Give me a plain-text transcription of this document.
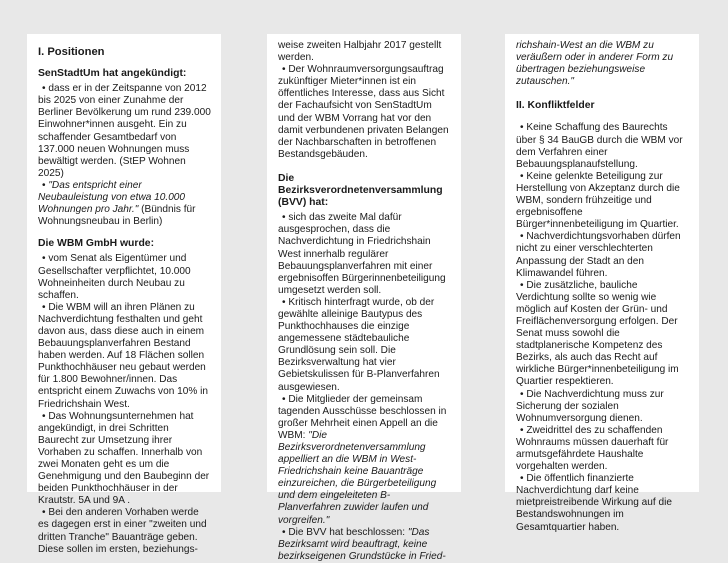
I. Positionen

SenStadtUm hat angekündigt:

• dass er in der Zeitspanne von 2012 bis 2025 von einer Zunahme der Berliner Bevölkerung um rund 239.000 Einwohner*innen ausgeht. Ein zu schaffender Gesamtbedarf von 137.000 neuen Wohnungen muss bewältigt werden. (StEP Wohnen 2025)

• "Das entspricht einer Neubauleistung von etwa 10.000 Wohnungen pro Jahr." (Bündnis für Wohnungsneubau in Berlin)

Die WBM GmbH wurde:

• vom Senat als Eigentümer und Gesellschafter verpflichtet, 10.000 Wohneinheiten durch Neubau zu schaffen.

• Die WBM will an ihren Plänen zu Nachverdichtung festhalten und geht davon aus, dass diese auch in einem Bebauungsplanverfahren Bestand haben werden. Auf 18 Flächen sollen Punkthochhäuser neu gebaut werden für 1.800 Bewohner/innen. Das entspricht einem Zuwachs von 10% in Friedrichshain West.

• Das Wohnungsunternehmen hat angekündigt, in drei Schritten Baurecht zur Umsetzung ihrer Vorhaben zu schaffen. Innerhalb von zwei Monaten geht es um die Genehmigung und den Baubeginn der beiden Punkthochhäuser in der Krautstr. 5A und 9A .

• Bei den anderen Vorhaben werde es dagegen erst in einer "zweiten und dritten Tranche" Bauanträge geben. Diese sollen im ersten, beziehungs-

weise zweiten Halbjahr 2017 gestellt werden.

• Der Wohnraumversorgungsauftrag zukünftiger Mieter*innen ist ein öffentliches Interesse, dass aus Sicht der Fachaufsicht von SenStadtUm und der WBM Vorrang hat vor den damit verbundenen privaten Belangen der Nachbarschaften in betroffenen Bestandsgebäuden.

Die Bezirksverordnetenversammlung (BVV) hat:

• sich das zweite Mal dafür ausgesprochen, dass die Nachverdichtung in Friedrichshain West innerhalb regulärer Bebauungsplanverfahren mit einer ergebnisoffen Bürgerinnenbeteiligung umgesetzt werden soll.

• Kritisch hinterfragt wurde, ob der gewählte alleinige Bautypus des Punkthochhauses die einzige angemessene städtebauliche Grundlösung sein soll. Die Bezirksverwaltung hat vier Gebietskulissen für B-Planverfahren ausgewiesen.

• Die Mitglieder der gemeinsam tagenden Ausschüsse beschlossen in großer Mehrheit einen Appell an die WBM: "Die Bezirksverordnetenversammlung appelliert an die WBM in West-Friedrichshain keine Bauanträge einzureichen, die Bürgerbeteiligung und dem eingeleiteten B-Planverfahren zuwider laufen und vorgreifen."

• Die BVV hat beschlossen: "Das Bezirksamt wird beauftragt, keine bezirkseigenen Grundstücke in Fried-

richshain-West an die WBM zu veräußern oder in anderer Form zu übertragen beziehungsweise zutauschen."

II. Konfliktfelder

• Keine Schaffung des Baurechts über § 34 BauGB durch die WBM vor dem Verfahren einer Bebauungsplanaufstellung.

• Keine gelenkte Beteiligung zur Herstellung von Akzeptanz durch die WBM, sondern frühzeitige und ergebnisoffene Bürger*innenbeteiligung im Quartier.

• Nachverdichtungsvorhaben dürfen nicht zu einer verschlechterten Anpassung der Stadt an den Klimawandel führen.

• Die zusätzliche, bauliche Verdichtung sollte so wenig wie möglich auf Kosten der Grün- und Freiflächenversorgung erfolgen. Der Senat muss sowohl die stadtplanerische Kompetenz des Bezirks, als auch das Recht auf wirkliche Bürger*innenbeteiligung im Quartier respektieren.

• Die Nachverdichtung muss zur Sicherung der sozialen Wohnumversorgung dienen.

• Zweidrittel des zu schaffenden Wohnraums müssen dauerhaft für armutsgefährdete Haushalte vorgehalten werden.

• Die öffentlich finanzierte Nachverdichtung darf keine mietpreistreibende Wirkung auf die Bestandswohnungen im Gesamtquartier haben.
